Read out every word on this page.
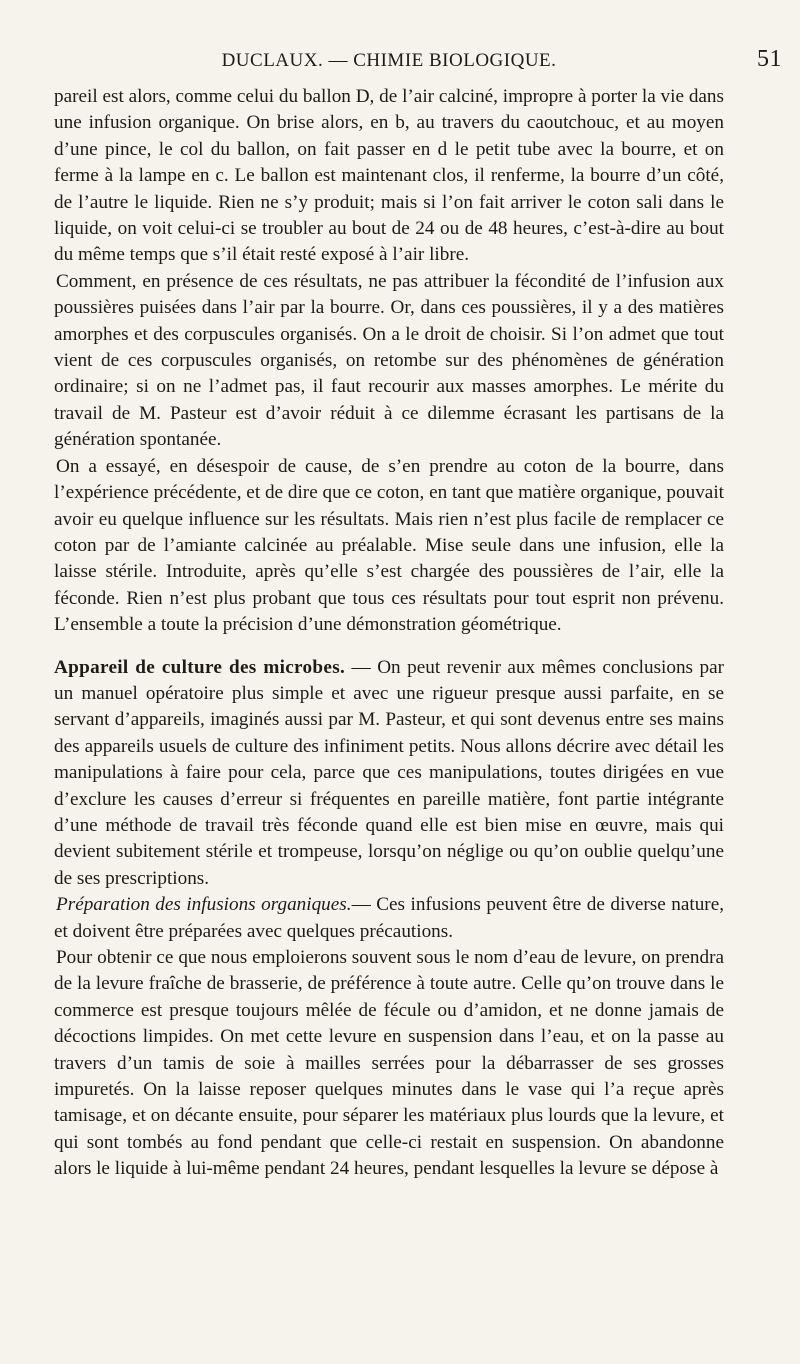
DUCLAUX. — CHIMIE BIOLOGIQUE.	51

pareil est alors, comme celui du ballon D, de l’air calciné, impropre à porter la vie dans une infusion organique. On brise alors, en b, au travers du caoutchouc, et au moyen d’une pince, le col du ballon, on fait passer en d le petit tube avec la bourre, et on ferme à la lampe en c. Le ballon est maintenant clos, il renferme, la bourre d’un côté, de l’autre le liquide. Rien ne s’y produit; mais si l’on fait arriver le coton sali dans le liquide, on voit celui-ci se troubler au bout de 24 ou de 48 heures, c’est-à-dire au bout du même temps que s’il était resté exposé à l’air libre.

Comment, en présence de ces résultats, ne pas attribuer la fécondité de l’infusion aux poussières puisées dans l’air par la bourre. Or, dans ces poussières, il y a des matières amorphes et des corpuscules organisés. On a le droit de choisir. Si l’on admet que tout vient de ces corpuscules organisés, on retombe sur des phénomènes de génération ordinaire; si on ne l’admet pas, il faut recourir aux masses amorphes. Le mérite du travail de M. Pasteur est d’avoir réduit à ce dilemme écrasant les partisans de la génération spontanée.

On a essayé, en désespoir de cause, de s’en prendre au coton de la bourre, dans l’expérience précédente, et de dire que ce coton, en tant que matière organique, pouvait avoir eu quelque influence sur les résultats. Mais rien n’est plus facile de remplacer ce coton par de l’amiante calcinée au préalable. Mise seule dans une infusion, elle la laisse stérile. Introduite, après qu’elle s’est chargée des poussières de l’air, elle la féconde. Rien n’est plus probant que tous ces résultats pour tout esprit non prévenu. L’ensemble a toute la précision d’une démonstration géométrique.

Appareil de culture des microbes. — On peut revenir aux mêmes conclusions par un manuel opératoire plus simple et avec une rigueur presque aussi parfaite, en se servant d’appareils, imaginés aussi par M. Pasteur, et qui sont devenus entre ses mains des appareils usuels de culture des infiniment petits. Nous allons décrire avec détail les manipulations à faire pour cela, parce que ces manipulations, toutes dirigées en vue d’exclure les causes d’erreur si fréquentes en pareille matière, font partie intégrante d’une méthode de travail très féconde quand elle est bien mise en œuvre, mais qui devient subitement stérile et trompeuse, lorsqu’on néglige ou qu’on oublie quelqu’une de ses prescriptions.

Préparation des infusions organiques.— Ces infusions peuvent être de diverse nature, et doivent être préparées avec quelques précautions.

Pour obtenir ce que nous emploierons souvent sous le nom d’eau de levure, on prendra de la levure fraîche de brasserie, de préférence à toute autre. Celle qu’on trouve dans le commerce est presque toujours mêlée de fécule ou d’amidon, et ne donne jamais de décoctions limpides. On met cette levure en suspension dans l’eau, et on la passe au travers d’un tamis de soie à mailles serrées pour la débarrasser de ses grosses impuretés. On la laisse reposer quelques minutes dans le vase qui l’a reçue après tamisage, et on décante ensuite, pour séparer les matériaux plus lourds que la levure, et qui sont tombés au fond pendant que celle-ci restait en suspension. On abandonne alors le liquide à lui-même pendant 24 heures, pendant lesquelles la levure se dépose à
